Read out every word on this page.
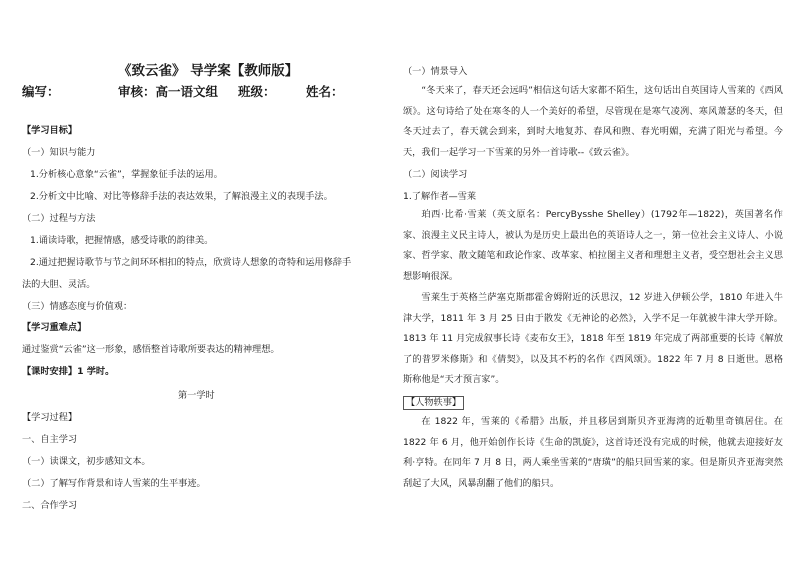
《致云雀》 导学案【教师版】
编写：	审核：高一语文组 班级： 姓名：
【学习目标】
（一）知识与能力
1.分析核心意象“云雀”，掌握象征手法的运用。
2.分析文中比喻、对比等修辞手法的表达效果，了解浪漫主义的表现手法。
（二）过程与方法
1.诵读诗歌，把握情感，感受诗歌的韵律美。
2.通过把握诗歌节与节之间环环相扣的特点，欣赏诗人想象的奇特和运用修辞手
法的大胆、灵活。
（三）情感态度与价值观：
【学习重难点】
通过鉴赏“云雀”这一形象，感悟整首诗歌所要表达的精神理想。
【课时安排】1 学时。
第一学时
【学习过程】
一、自主学习
（一）读课文，初步感知文本。
（二）了解写作背景和诗人雪莱的生平事迹。
二、合作学习
（一）情景导入
“冬天来了，春天还会远吗”相信这句话大家都不陌生，这句话出自英国诗人雪莱的《西风颂》。这句诗给了处在寒冬的人一个美好的希望，尽管现在是寒气凌冽、寒风萧瑟的冬天，但冬天过去了，春天就会到来，到时大地复苏、春风和煦、春光明媚，充满了阳光与希望。今天，我们一起学习一下雪莱的另外一首诗歌--《致云雀》。
（二）阅读学习
1.了解作者—雪莱
珀西·比希·雪莱（英文原名：PercyBysshe Shelley）(1792年—1822)，英国著名作家、浪漫主义民主诗人，被认为是历史上最出色的英语诗人之一，第一位社会主义诗人、小说家、哲学家、散文随笔和政论作家、改革家、柏拉图主义者和理想主义者，受空想社会主义思想影响很深。
雪莱生于英格兰萨塞克斯郡霍舍姆附近的沃思汉，12 岁进入伊顿公学，1810 年进入牛津大学，1811 年 3 月 25 日由于散发《无神论的必然》，入学不足一年就被牛津大学开除。1813 年 11 月完成叙事长诗《麦布女王》，1818 年至 1819 年完成了两部重要的长诗《解放了的普罗米修斯》和《倩契》，以及其不朽的名作《西风颂》。1822 年 7 月 8 日逝世。恩格斯称他是“天才预言家”。
【人物轶事】
在 1822 年，雪莱的《希腊》出版，并且移居到斯贝齐亚海湾的近勒里奇镇居住。在 1822 年 6 月，他开始创作长诗《生命的凯旋》，这首诗还没有完成的时候，他就去迎接好友利·亨特。在同年 7 月 8 日，两人乘坐雪莱的“唐璜”的船只回雪莱的家。但是斯贝齐亚海突然刮起了大风，风暴刮翻了他们的船只。
